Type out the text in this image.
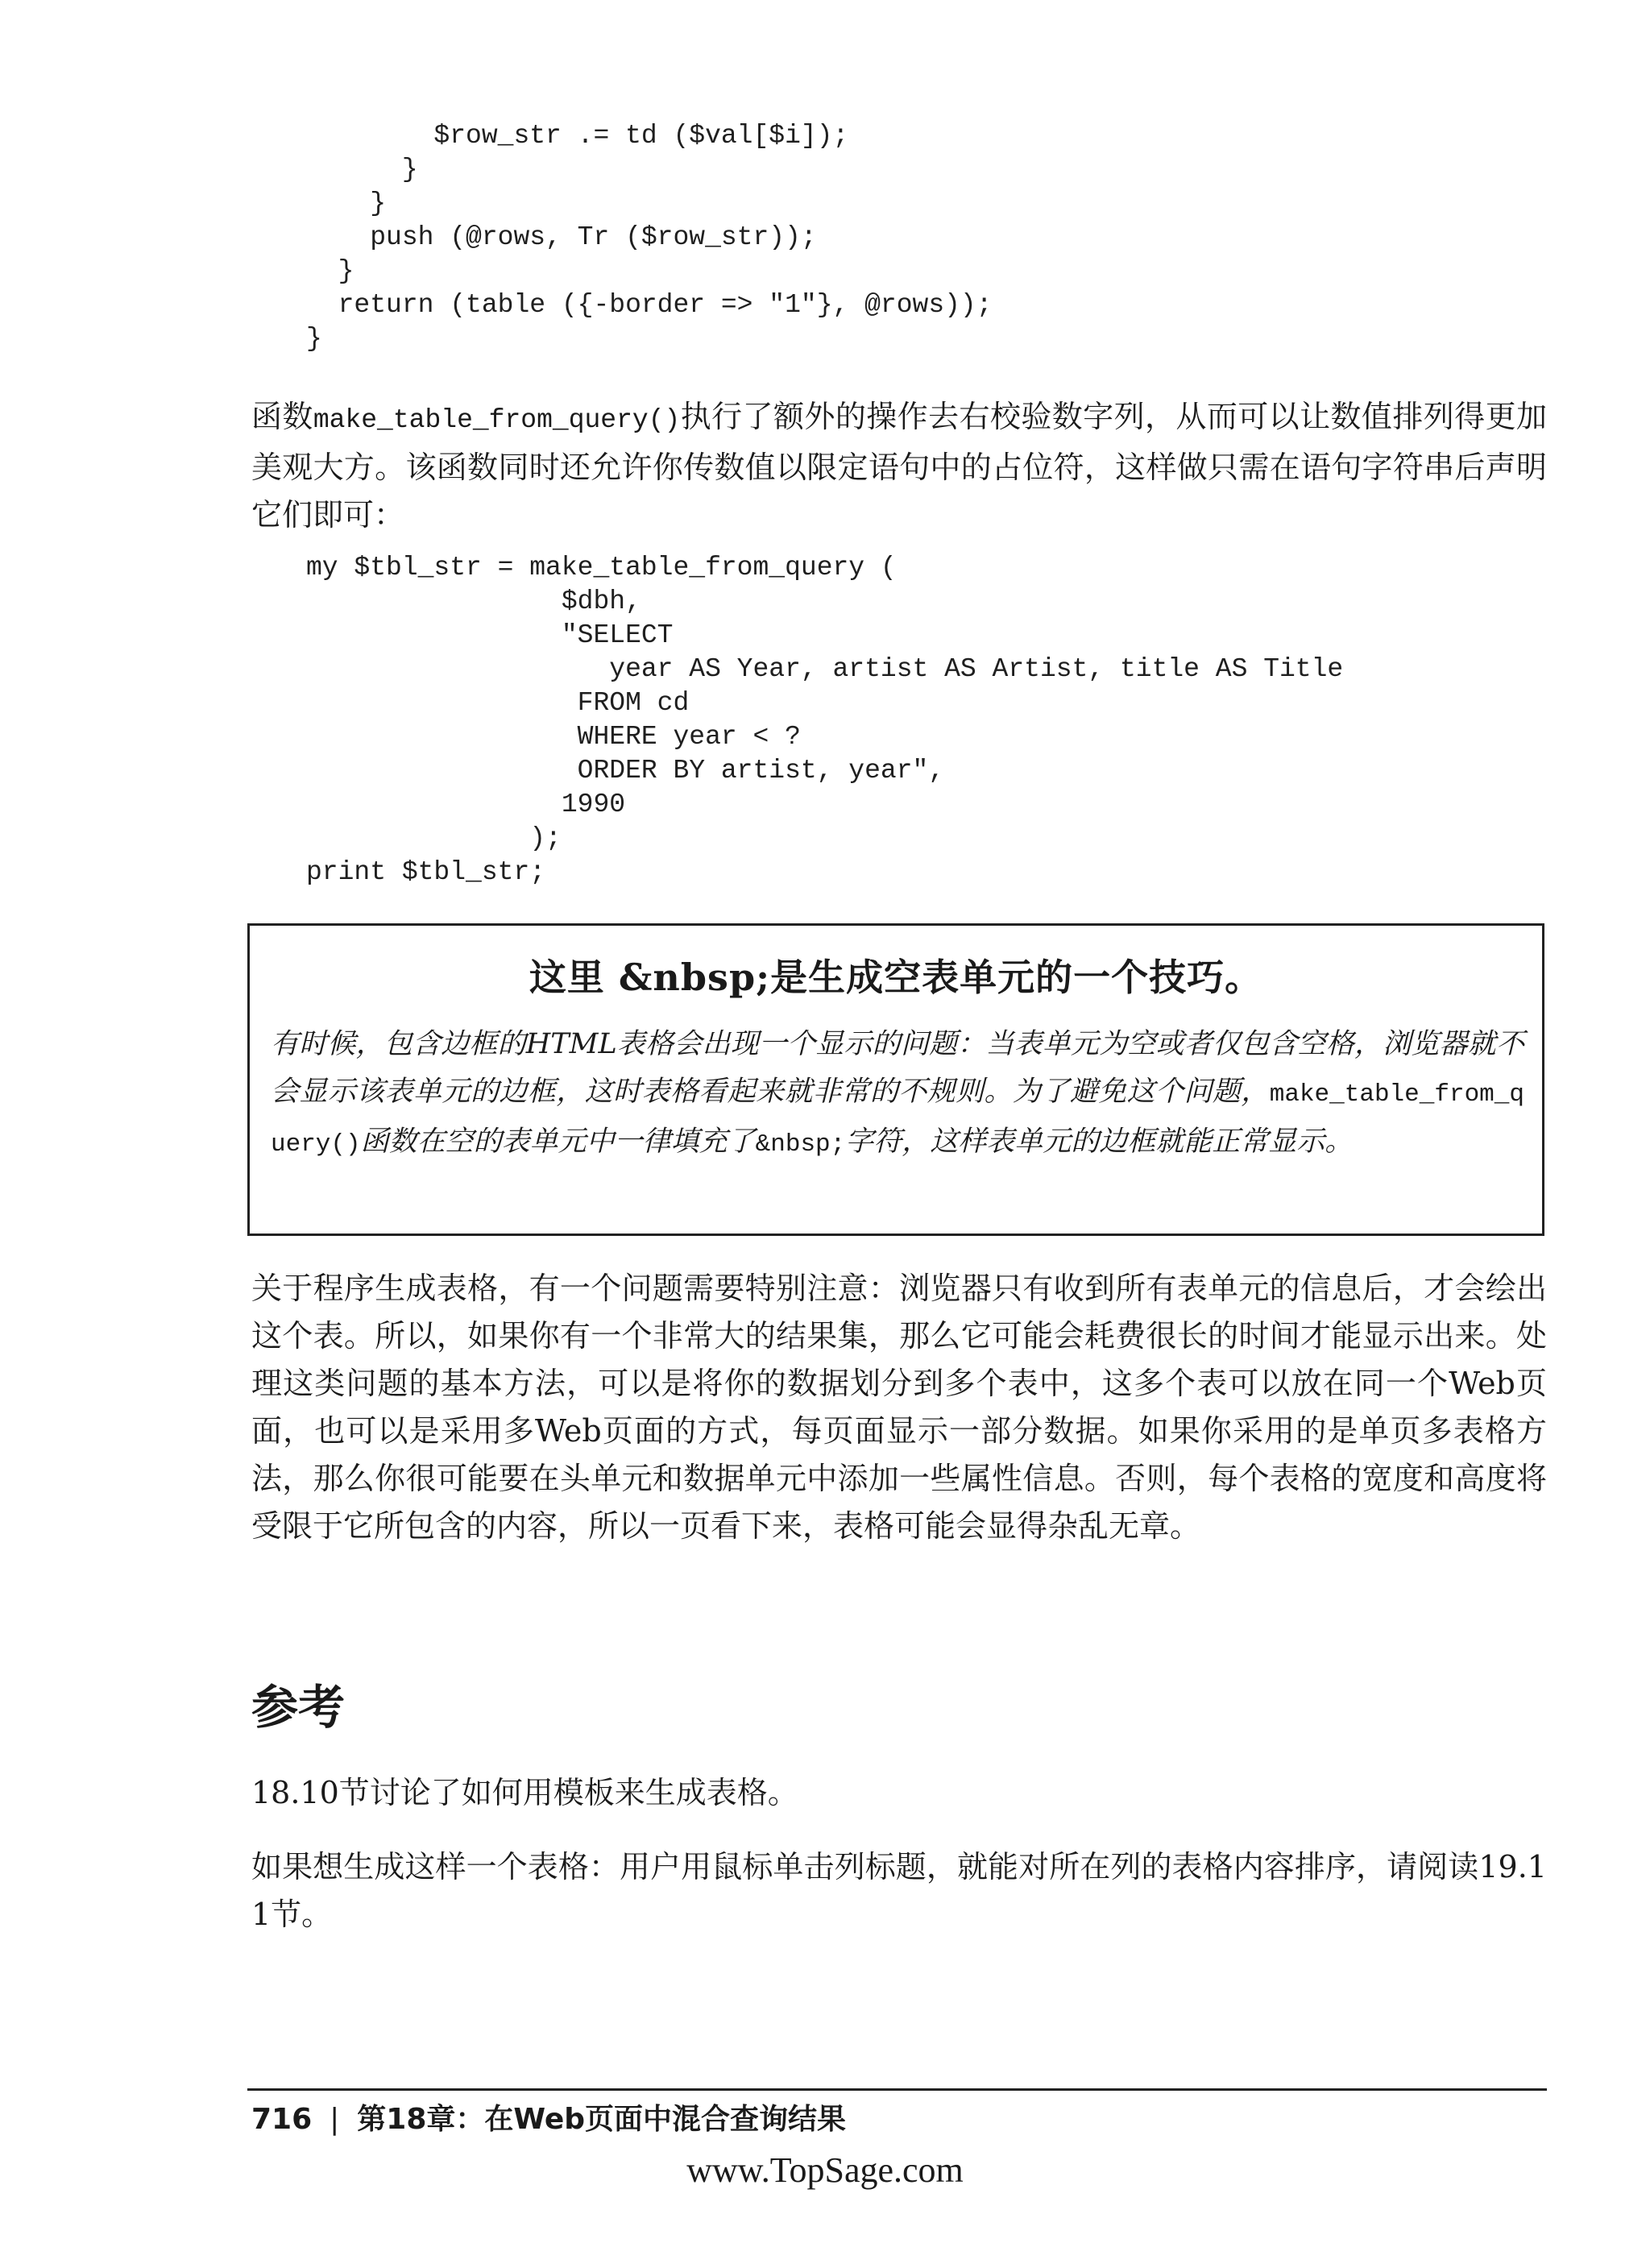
$row_str .= td ($val[$i]);
}
}
push (@rows, Tr ($row_str));
}
return (table ({-border => "1"}, @rows));
}

函数make_table_from_query()执行了额外的操作去右校验数字列，从而可以让数值排列得更加美观大方。该函数同时还允许你传数值以限定语句中的占位符，这样做只需在语句字符串后声明它们即可：

my $tbl_str = make_table_from_query (
$dbh,
"SELECT
year AS Year, artist AS Artist, title AS Title
FROM cd
WHERE year < ?
ORDER BY artist, year",
1990
);
print $tbl_str;
这里 &nbsp;是生成空表单元的一个技巧。

有时候，包含边框的HTML表格会出现一个显示的问题：当表单元为空或者仅包含空格，浏览器就不会显示该表单元的边框，这时表格看起来就非常的不规则。为了避免这个问题，make_table_from_query()函数在空的表单元中一律填充了&nbsp;字符，这样表单元的边框就能正常显示。

关于程序生成表格，有一个问题需要特别注意：浏览器只有收到所有表单元的信息后，才会绘出这个表。所以，如果你有一个非常大的结果集，那么它可能会耗费很长的时间才能显示出来。处理这类问题的基本方法，可以是将你的数据划分到多个表中，这多个表可以放在同一个Web页面，也可以是采用多Web页面的方式，每页面显示一部分数据。如果你采用的是单页多表格方法，那么你很可能要在头单元和数据单元中添加一些属性信息。否则，每个表格的宽度和高度将受限于它所包含的内容，所以一页看下来，表格可能会显得杂乱无章。

参考

18.10节讨论了如何用模板来生成表格。

如果想生成这样一个表格：用户用鼠标单击列标题，就能对所在列的表格内容排序，请阅读19.11节。

716 | 第18章：在Web页面中混合查询结果
www.TopSage.com
